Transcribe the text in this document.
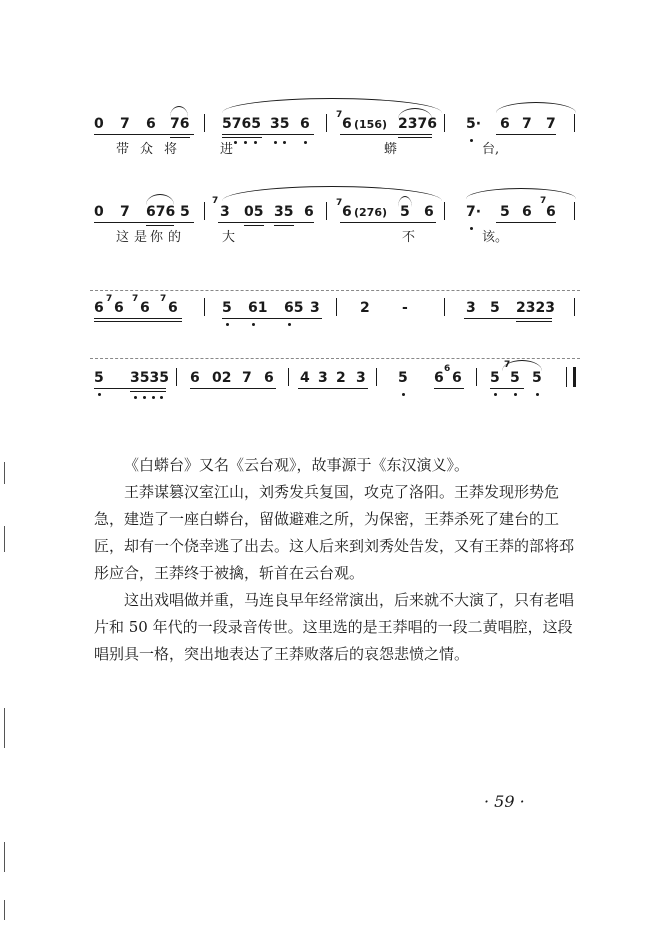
0 7 6 76 5765 35 6
7
6 (156) 2376 5· 6 7 7
带 众 将	进	蟒	台,
0 7 676 5
7
3 05 35 6
7
6 (276) 5 6 7· 5 6
7
6
这 是 你 的	大	不	该。
6
7
6
7
6
7
6	5 61 65 3	2 -	3 5 2323
5 3535 6 02 7 6 4 3 2 3 5 6
6
6 5
7
5 5

《白蟒台》又名《云台观》，故事源于《东汉演义》。

王莽谋篡汉室江山，刘秀发兵复国，攻克了洛阳。王莽发现形势危急，建造了一座白蟒台，留做避难之所，为保密，王莽杀死了建台的工匠，却有一个侥幸逃了出去。这人后来到刘秀处告发，又有王莽的部将邳彤应合，王莽终于被擒，斩首在云台观。

这出戏唱做并重，马连良早年经常演出，后来就不大演了，只有老唱片和 50 年代的一段录音传世。这里选的是王莽唱的一段二黄唱腔，这段唱别具一格，突出地表达了王莽败落后的哀怨悲愤之情。

· 59 ·
